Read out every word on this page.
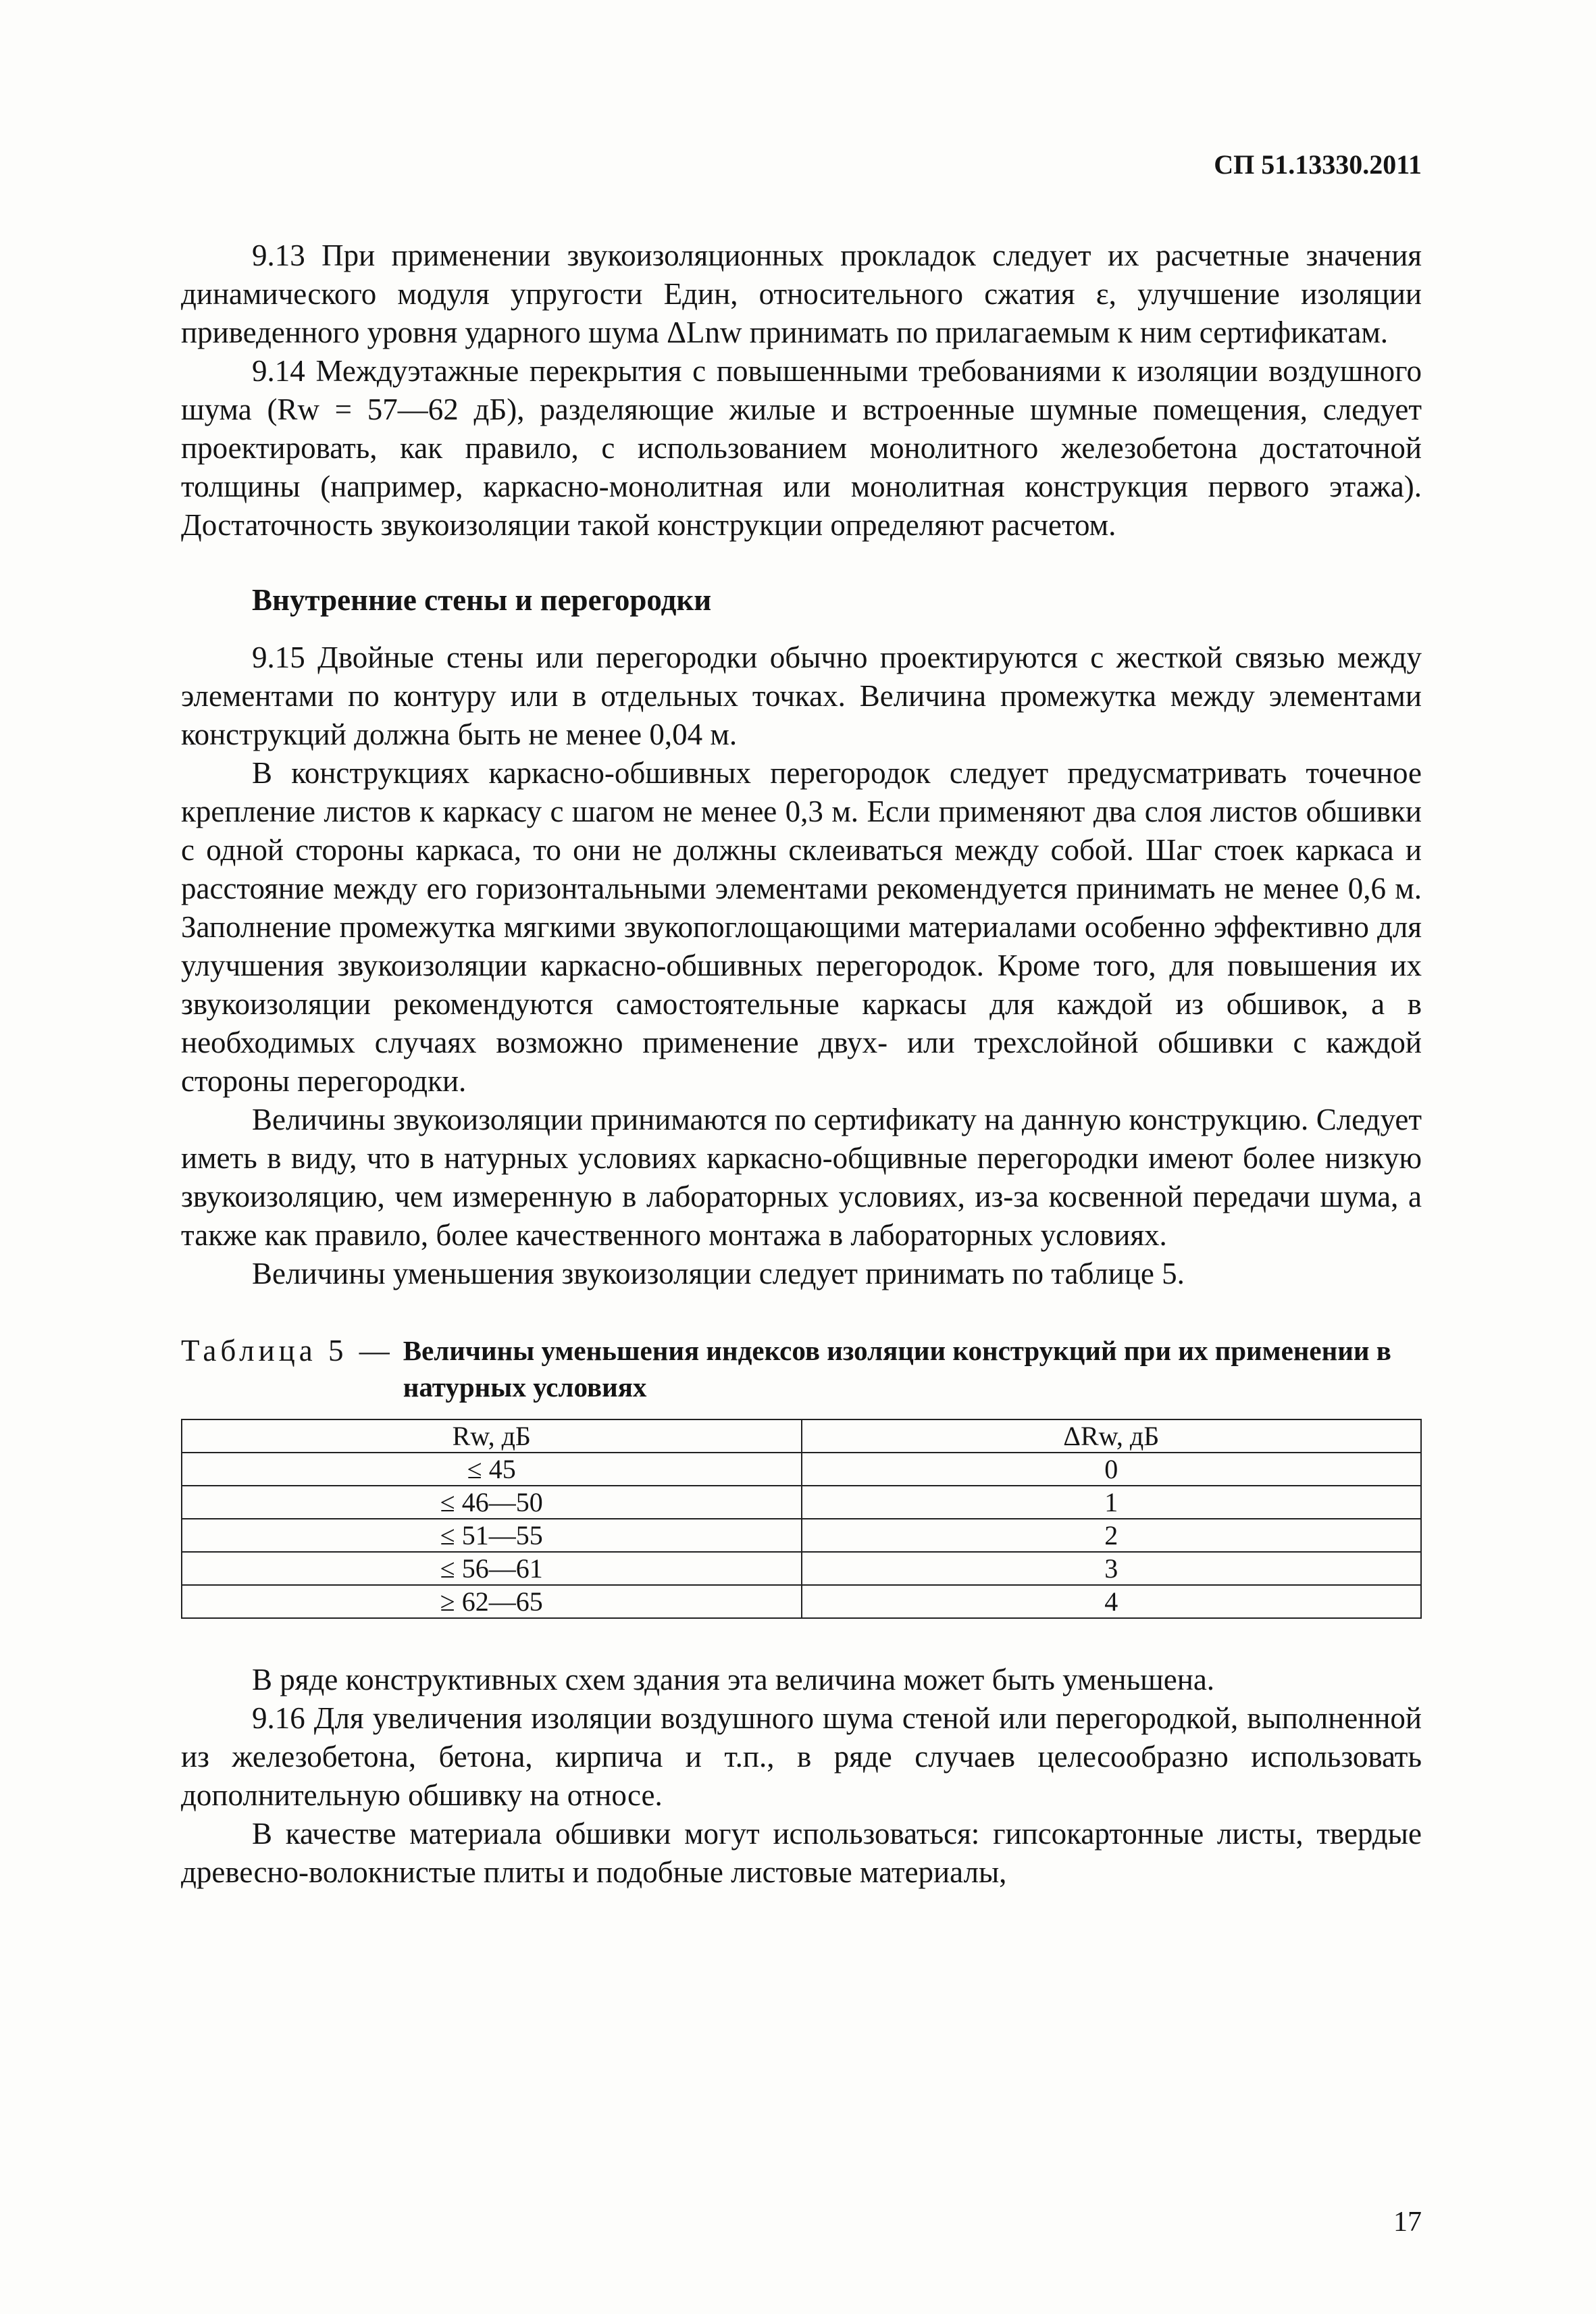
СП 51.13330.2011

9.13 При применении звукоизоляционных прокладок следует их расчетные значения динамического модуля упругости Eдин, относительного сжатия ε, улучшение изоляции приведенного уровня ударного шума ΔLnw принимать по прилагаемым к ним сертификатам.

9.14 Междуэтажные перекрытия с повышенными требованиями к изоляции воздушного шума (Rw = 57—62 дБ), разделяющие жилые и встроенные шумные помещения, следует проектировать, как правило, с использованием монолитного железобетона достаточной толщины (например, каркасно-монолитная или монолитная конструкция первого этажа). Достаточность звукоизоляции такой конструкции определяют расчетом.

Внутренние стены и перегородки

9.15 Двойные стены или перегородки обычно проектируются с жесткой связью между элементами по контуру или в отдельных точках. Величина промежутка между элементами конструкций должна быть не менее 0,04 м.

В конструкциях каркасно-обшивных перегородок следует предусматривать точечное крепление листов к каркасу с шагом не менее 0,3 м. Если применяют два слоя листов обшивки с одной стороны каркаса, то они не должны склеиваться между собой. Шаг стоек каркаса и расстояние между его горизонтальными элементами рекомендуется принимать не менее 0,6 м. Заполнение промежутка мягкими звукопоглощающими материалами особенно эффективно для улучшения звукоизоляции каркасно-обшивных перегородок. Кроме того, для повышения их звукоизоляции рекомендуются самостоятельные каркасы для каждой из обшивок, а в необходимых случаях возможно применение двух- или трехслойной обшивки с каждой стороны перегородки.

Величины звукоизоляции принимаются по сертификату на данную конструкцию. Следует иметь в виду, что в натурных условиях каркасно-общивные перегородки имеют более низкую звукоизоляцию, чем измеренную в лабораторных условиях, из-за косвенной передачи шума, а также как правило, более качественного монтажа в лабораторных условиях.

Величины уменьшения звукоизоляции следует принимать по таблице 5.

Таблица 5 — Величины уменьшения индексов изоляции конструкций при их применении в натурных условиях
Rw, дБ	ΔRw, дБ
≤ 45	0
≤ 46—50	1
≤ 51—55	2
≤ 56—61	3
≥ 62—65	4

В ряде конструктивных схем здания эта величина может быть уменьшена.

9.16 Для увеличения изоляции воздушного шума стеной или перегородкой, выполненной из железобетона, бетона, кирпича и т.п., в ряде случаев целесообразно использовать дополнительную обшивку на относе.

В качестве материала обшивки могут использоваться: гипсокартонные листы, твердые древесно-волокнистые плиты и подобные листовые материалы,

17
